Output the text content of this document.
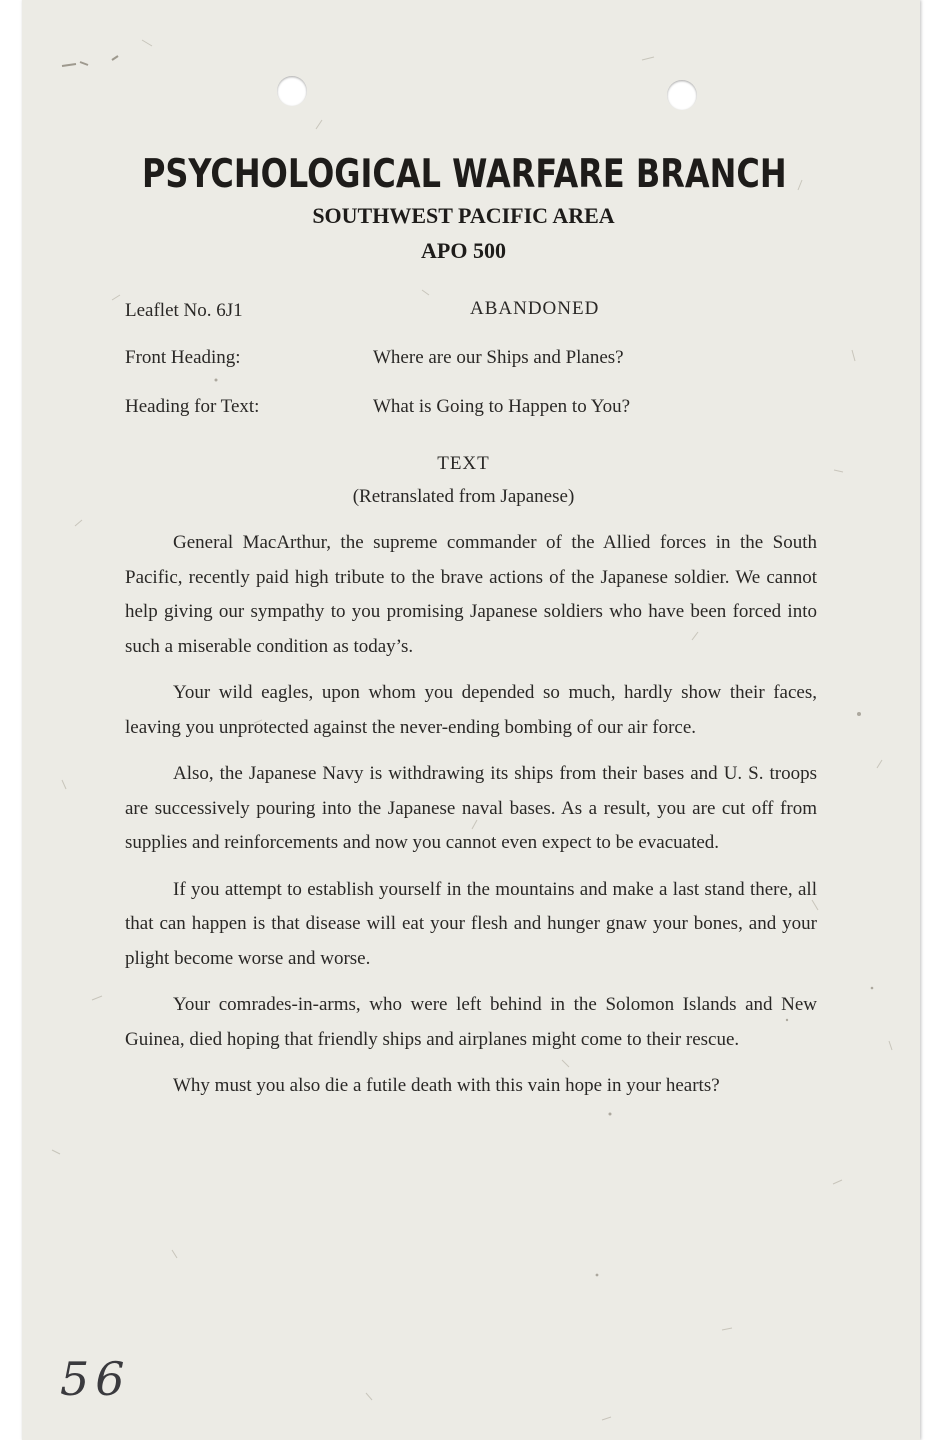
PSYCHOLOGICAL WARFARE BRANCH
SOUTHWEST PACIFIC AREA
APO 500
Leaflet No. 6J1	ABANDONED
Front Heading:	Where are our Ships and Planes?
Heading for Text:	What is Going to Happen to You?
TEXT
(Retranslated from Japanese)

General MacArthur, the supreme commander of the Allied forces in the South Pacific, recently paid high tribute to the brave actions of the Japanese soldier. We cannot help giving our sympathy to you promising Japanese soldiers who have been forced into such a miserable condition as today’s.

Your wild eagles, upon whom you depended so much, hardly show their faces, leaving you unprotected against the never-ending bombing of our air force.

Also, the Japanese Navy is withdrawing its ships from their bases and U. S. troops are successively pouring into the Japanese naval bases. As a result, you are cut off from supplies and reinforcements and now you cannot even expect to be evacuated.

If you attempt to establish yourself in the mountains and make a last stand there, all that can happen is that disease will eat your flesh and hunger gnaw your bones, and your plight become worse and worse.

Your comrades-in-arms, who were left behind in the Solomon Islands and New Guinea, died hoping that friendly ships and airplanes might come to their rescue.

Why must you also die a futile death with this vain hope in your hearts?

56
